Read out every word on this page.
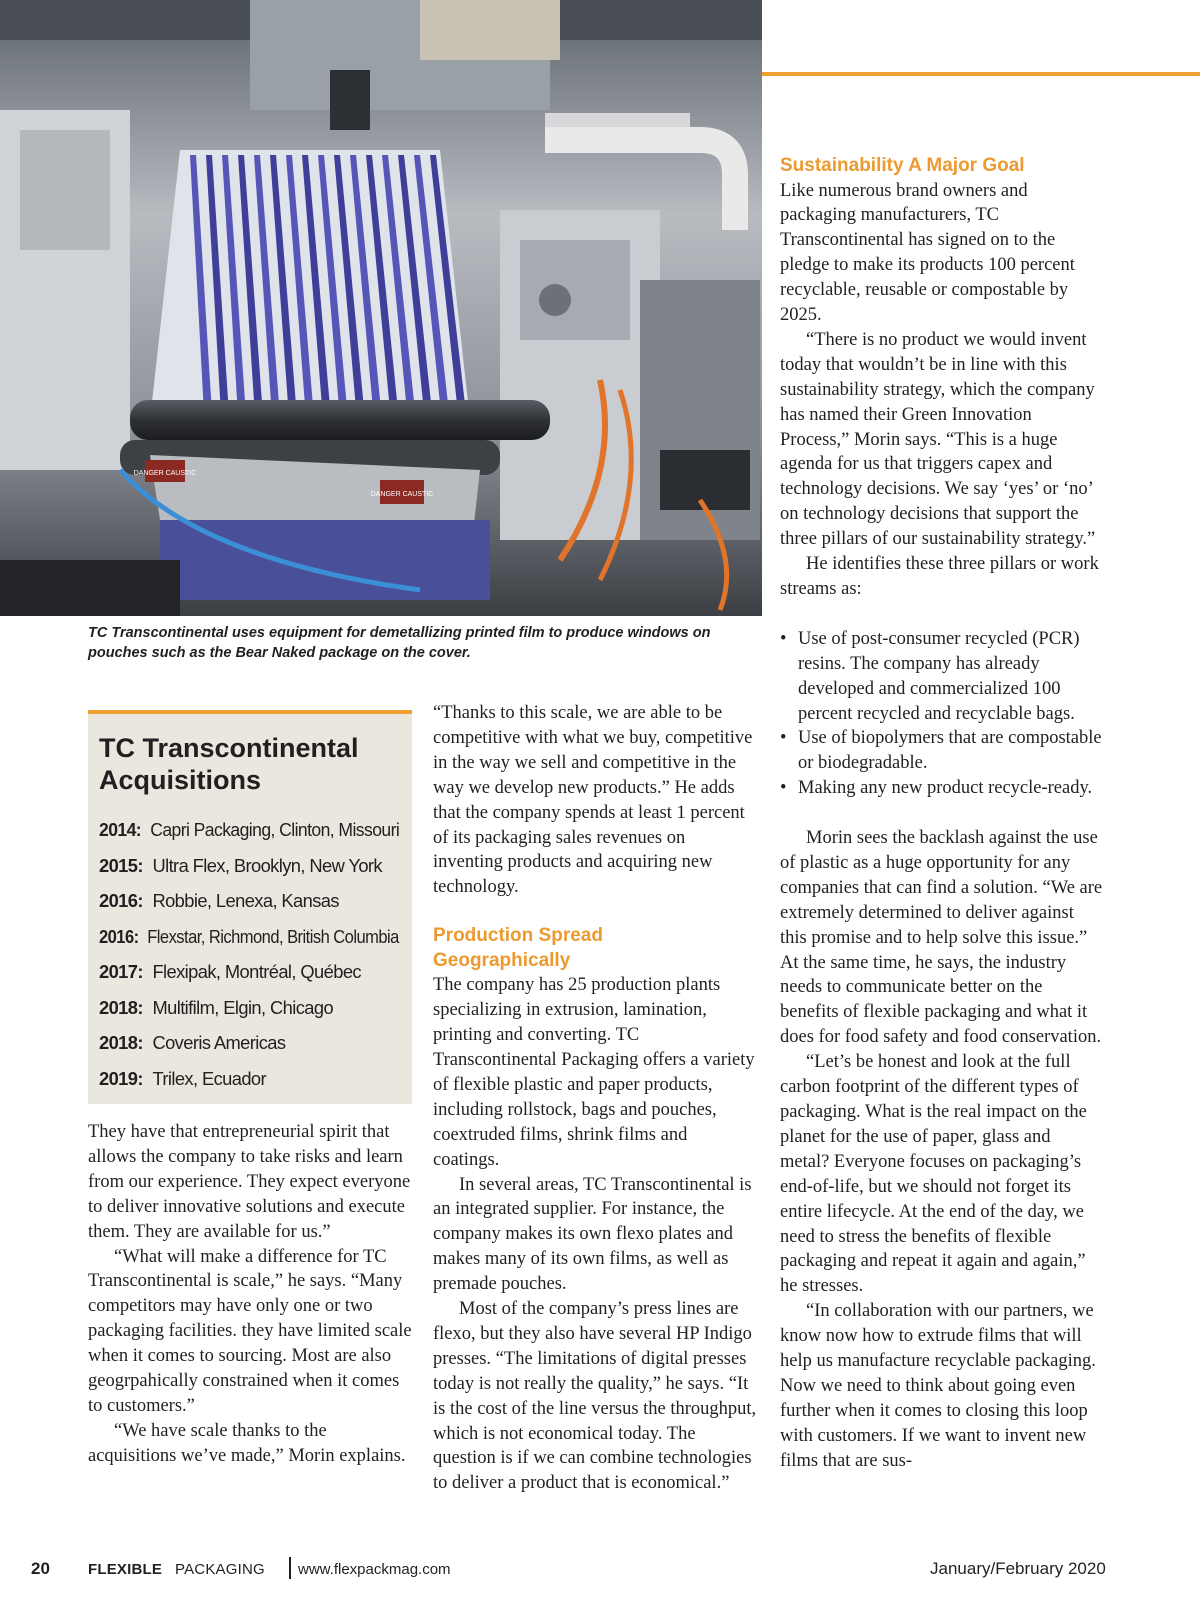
DANGER CAUSTIC
DANGER CAUSTIC

TC Transcontinental uses equipment for demetallizing printed film to produce windows on pouches such as the Bear Naked package on the cover.

TC Transcontinental Acquisitions
2014: Capri Packaging, Clinton, Missouri
2015: Ultra Flex, Brooklyn, New York
2016: Robbie, Lenexa, Kansas
2016: Flexstar, Richmond, British Columbia
2017: Flexipak, Montréal, Québec
2018: Multifilm, Elgin, Chicago
2018: Coveris Americas
2019: Trilex, Ecuador

They have that entrepreneurial spirit that allows the company to take risks and learn from our experience. They expect everyone to deliver innovative solutions and execute them. They are available for us.”

“What will make a difference for TC Transcontinental is scale,” he says. “Many competitors may have only one or two packaging facilities. they have limited scale when it comes to sourcing. Most are also geogrpahically constrained when it comes to customers.”

“We have scale thanks to the acquisitions we’ve made,” Morin explains.

“Thanks to this scale, we are able to be competitive with what we buy, competitive in the way we sell and competitive in the way we develop new products.” He adds that the company spends at least 1 percent of its packaging sales revenues on inventing products and acquiring new technology.

Production Spread Geographically

The company has 25 production plants specializing in extrusion, lamination, printing and converting. TC Transcontinental Packaging offers a variety of flexible plastic and paper products, including rollstock, bags and pouches, coextruded films, shrink films and coatings.

In several areas, TC Transcontinental is an integrated supplier. For instance, the company makes its own flexo plates and makes many of its own films, as well as premade pouches.

Most of the company’s press lines are flexo, but they also have several HP Indigo presses. “The limitations of digital presses today is not really the quality,” he says. “It is the cost of the line versus the throughput, which is not economical today. The question is if we can combine technologies to deliver a product that is economical.”

Sustainability A Major Goal

Like numerous brand owners and packaging manufacturers, TC Transcontinental has signed on to the pledge to make its products 100 percent recyclable, reusable or compostable by 2025.

“There is no product we would invent today that wouldn’t be in line with this sustainability strategy, which the company has named their Green Innovation Process,” Morin says. “This is a huge agenda for us that triggers capex and technology decisions. We say ‘yes’ or ‘no’ on technology decisions that support the three pillars of our sustainability strategy.”

He identifies these three pillars or work streams as:

• Use of post-consumer recycled (PCR) resins. The company has already developed and commercialized 100 percent recycled and recyclable bags.
• Use of biopolymers that are compostable or biodegradable.
• Making any new product recycle-ready.

Morin sees the backlash against the use of plastic as a huge opportunity for any companies that can find a solution. “We are extremely determined to deliver against this promise and to help solve this issue.” At the same time, he says, the industry needs to communicate better on the benefits of flexible packaging and what it does for food safety and food conservation.

“Let’s be honest and look at the full carbon footprint of the different types of packaging. What is the real impact on the planet for the use of paper, glass and metal? Everyone focuses on packaging’s end-of-life, but we should not forget its entire lifecycle. At the end of the day, we need to stress the benefits of flexible packaging and repeat it again and again,” he stresses.

“In collaboration with our partners, we know now how to extrude films that will help us manufacture recyclable packaging. Now we need to think about going even further when it comes to closing this loop with customers. If we want to invent new films that are sus-

20	FLEXIBLE PACKAGING www.flexpackmag.com	January/February 2020
